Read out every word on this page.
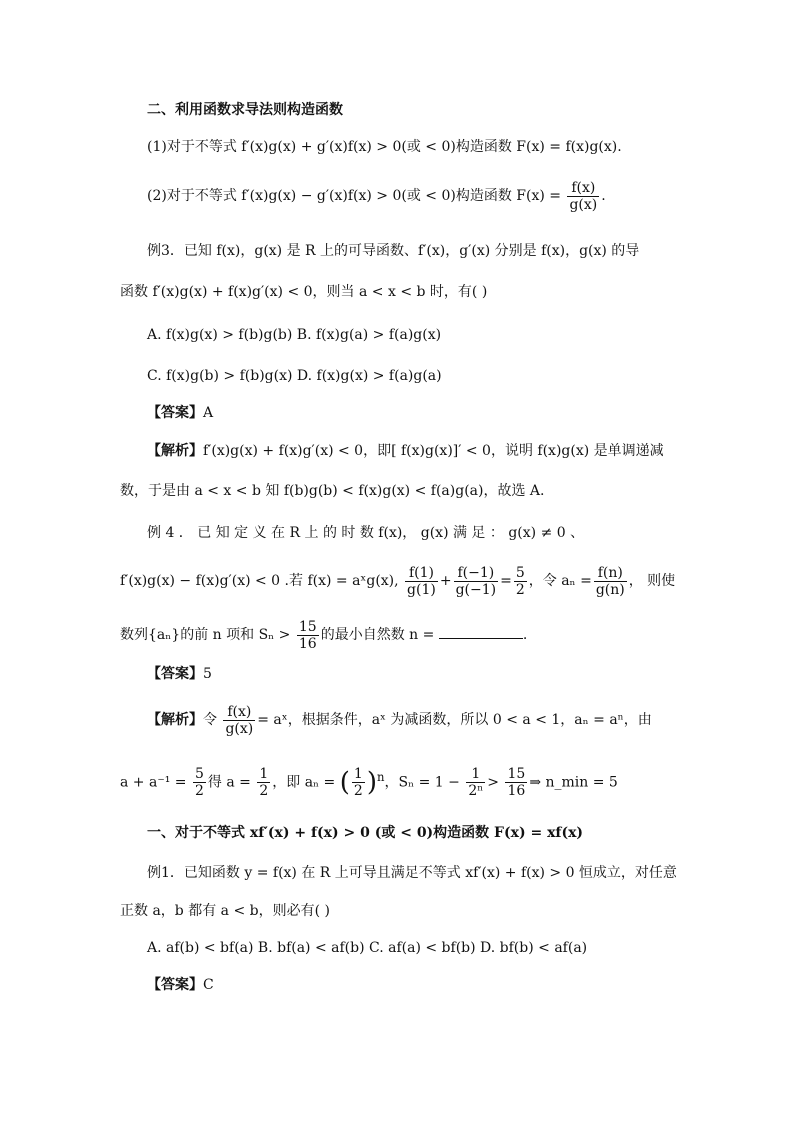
二、利用函数求导法则构造函数
(1)对于不等式 f′(x)g(x) + g′(x)f(x) > 0(或 < 0)构造函数 F(x) = f(x)g(x).
(2)对于不等式 f′(x)g(x) − g′(x)f(x) > 0(或 < 0)构造函数 $F(x) = \frac{f(x)}{g(x)}$ .
例3．已知 f(x)，g(x) 是 R 上的可导函数、f′(x)，g′(x) 分别是 f(x)，g(x) 的导
函数 f′(x)g(x) + f(x)g′(x) < 0，则当 a < x < b 时，有( )
A. f(x)g(x) > f(b)g(b) B. f(x)g(a) > f(a)g(x)
C. f(x)g(b) > f(b)g(x) D. f(x)g(x) > f(a)g(a)
【答案】A
【解析】f′(x)g(x) + f(x)g′(x) < 0，即[ f(x)g(x)]′ < 0，说明 f(x)g(x) 是单调递减
数，于是由 a < x < b 知 f(b)g(b) < f(x)g(x) < f(a)g(a)，故选 A.
例 4 ． 已 知 定 义 在 R 上 的 时 数 f(x)， g(x) 满 足 ： g(x) ≠ 0 、
f′(x)g(x) − f(x)g′(x) < 0 .若 f(x) = aˣg(x), $\frac{f(1)}{g(1)} + \frac{f(-1)}{g(-1)} = \frac{5}{2}$ ，令 $a_n = \frac{f(n)}{g(n)}$ ， 则使
数列{aₙ}的前 n 项和 $S_n > \frac{15}{16}$ 的最小自然数 n =	.
【答案】5
【解析】令 $\frac{f(x)}{g(x)}$ = aˣ，根据条件，aˣ 为减函数，所以 0 < a < 1，aₙ = aⁿ，由
$a + a^{-1} = \frac{5}{2}$ 得 $a = \frac{1}{2}$ ，即 aₙ = ( $\frac{1}{2} )^n$，$S_n = 1 - \frac{1}{\text{2ⁿ}} > \frac{15}{16}$ ⇒ n_min = 5
一、对于不等式 xf′(x) + f(x) > 0 (或 < 0)构造函数 F(x) = xf(x)
例1．已知函数 y = f(x) 在 R 上可导且满足不等式 xf′(x) + f(x) > 0 恒成立，对任意
正数 a，b 都有 a < b，则必有( )
A. af(b) < bf(a) B. bf(a) < af(b) C. af(a) < bf(b) D. bf(b) < af(a)
【答案】C
